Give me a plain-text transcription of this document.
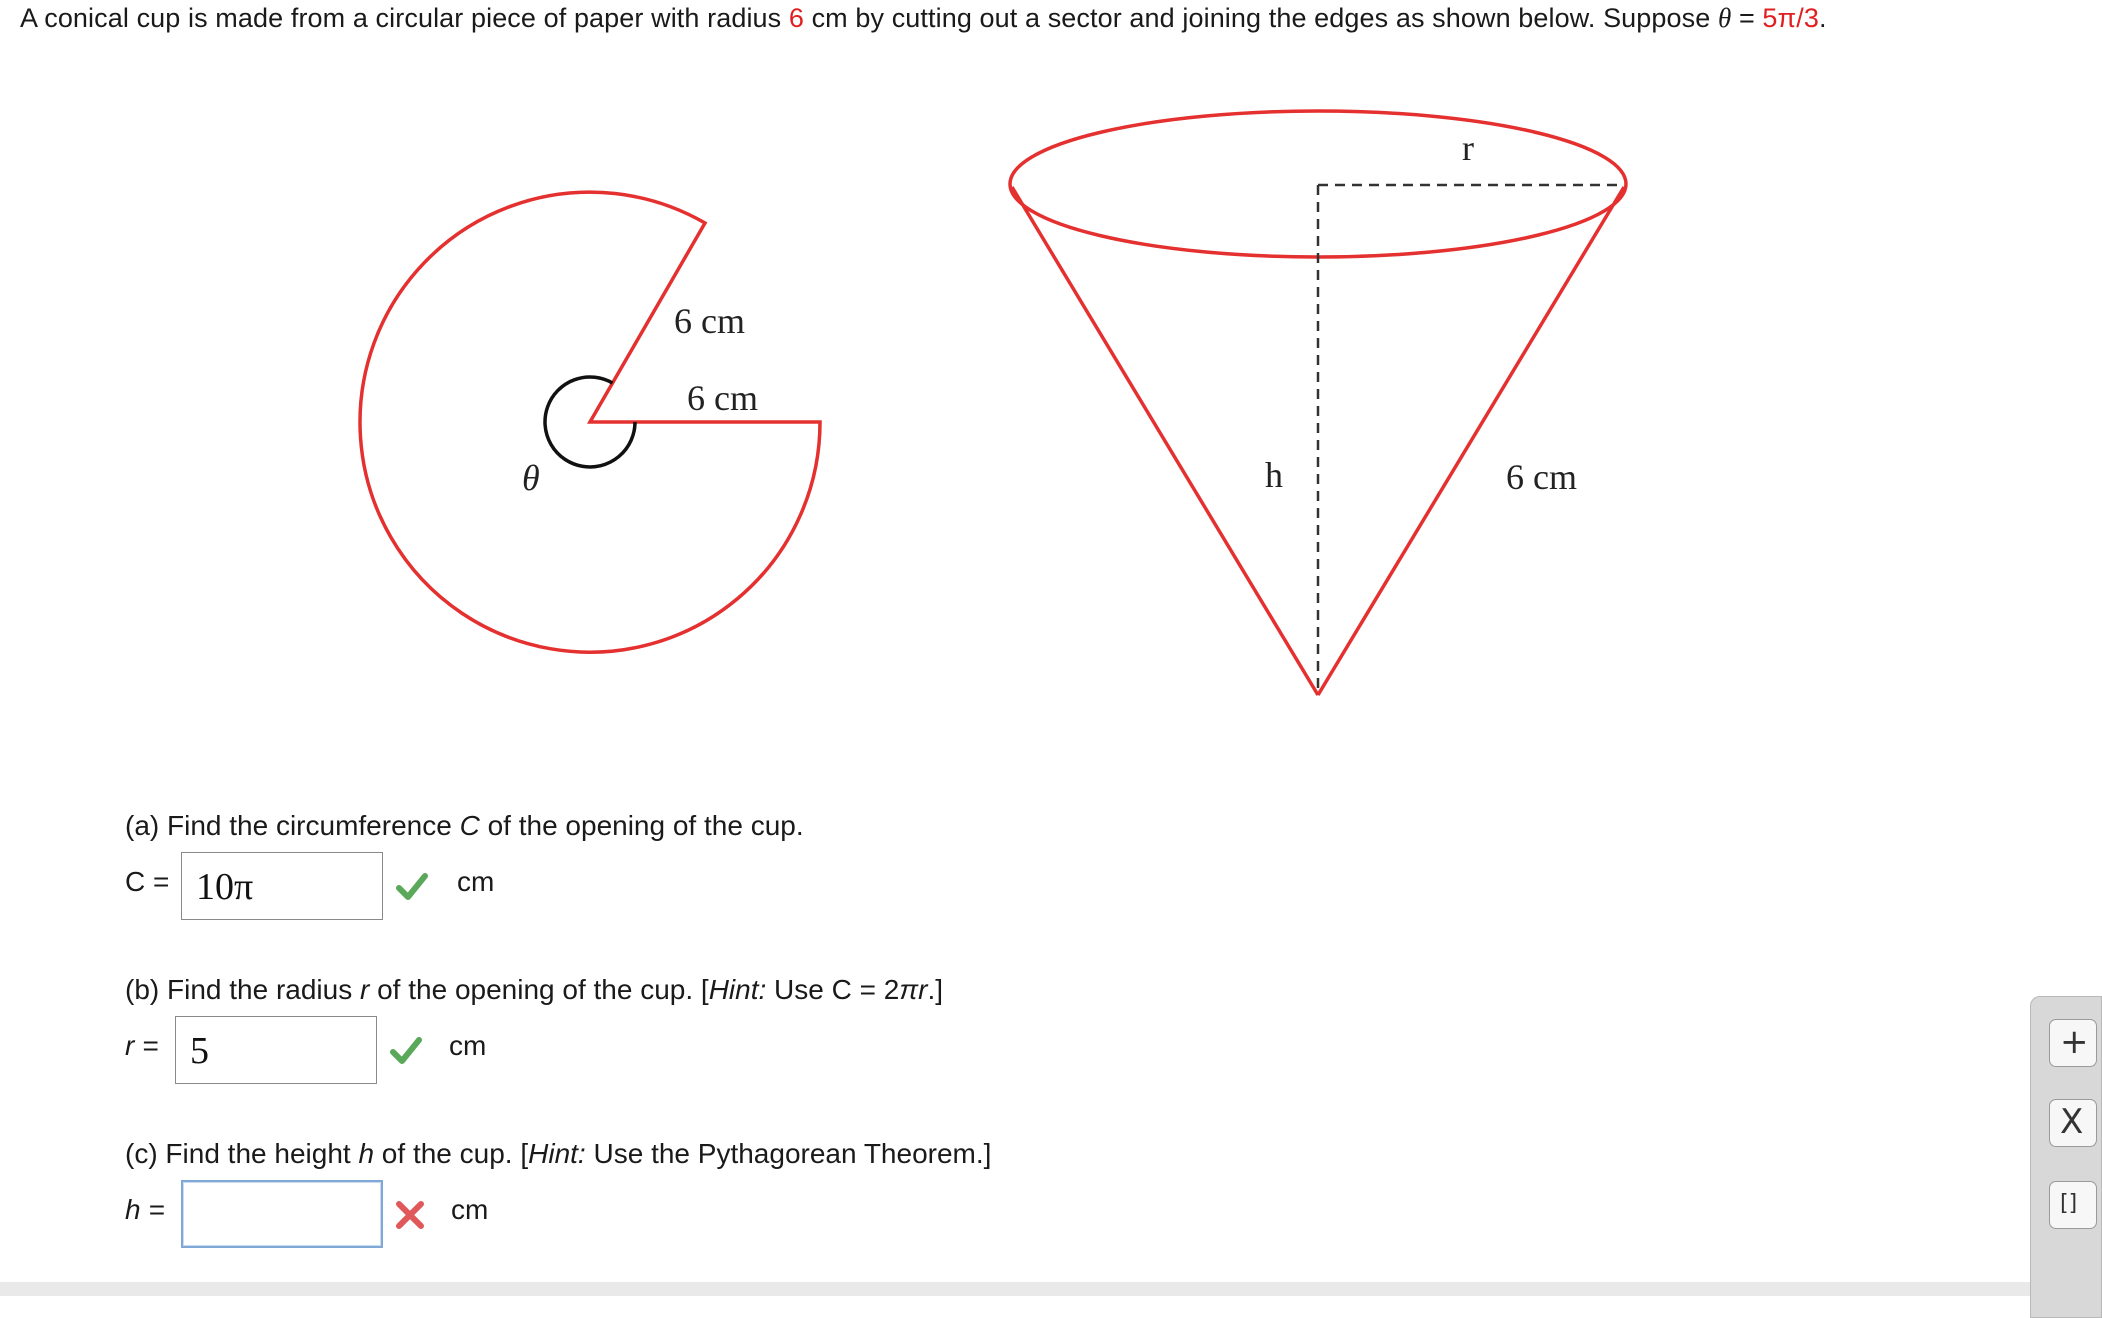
A conical cup is made from a circular piece of paper with radius 6 cm by cutting out a sector and joining the edges as shown below. Suppose θ = 5π/3.
6 cm
6 cm
θ
r
h	6 cm
(a) Find the circumference C of the opening of the cup.
C = 10π	cm
(b) Find the radius r of the opening of the cup. [Hint: Use C = 2πr.]
r = 5	cm
(c) Find the height h of the cup. [Hint: Use the Pythagorean Theorem.]
h =	cm
+
X
[]
